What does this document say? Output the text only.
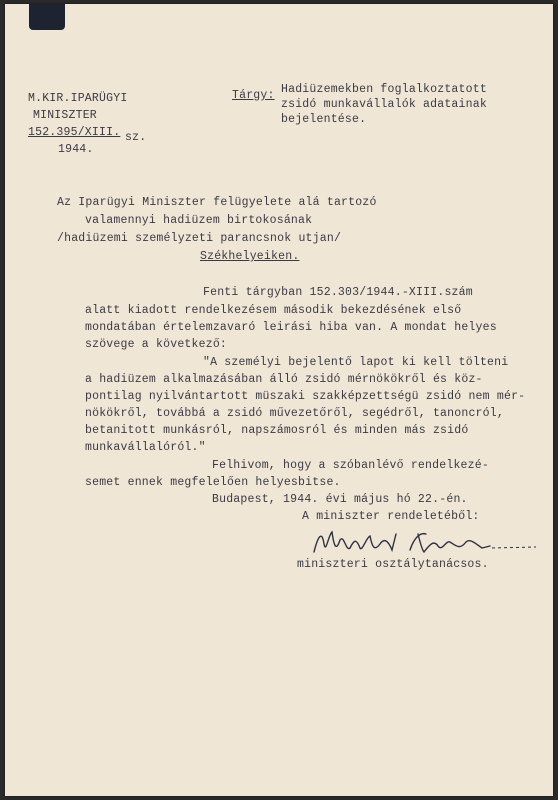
M.KIR.IPARÜGYI
MINISZTER
152.395/XIII. sz.
1944.
Tárgy: Hadiüzemekben foglalkoztatott
zsidó munkavállalók adatainak
bejelentése.
Az Iparügyi Miniszter felügyelete alá tartozó
valamennyi hadiüzem birtokosának
/hadiüzemi személyzeti parancsnok utjan/
Székhelyeiken.
Fenti tárgyban 152.303/1944.-XIII.szám
alatt kiadott rendelkezésem második bekezdésének első
mondatában értelemzavaró leirási hiba van. A mondat helyes
szövege a következő:
"A személyi bejelentő lapot ki kell tölteni
a hadiüzem alkalmazásában álló zsidó mérnökökről és köz-
pontilag nyilvántartott müszaki szakképzettségü zsidó nem mér-
nökökről, továbbá a zsidó művezetőről, segédről, tanoncról,
betanitott munkásról, napszámosról és minden más zsidó
munkavállalóról."
Felhivom, hogy a szóbanlévő rendelkezé-
semet ennek megfelelően helyesbitse.
Budapest, 1944. évi május hó 22.-én.
A miniszter rendeletéből:
miniszteri osztálytanácsos.
